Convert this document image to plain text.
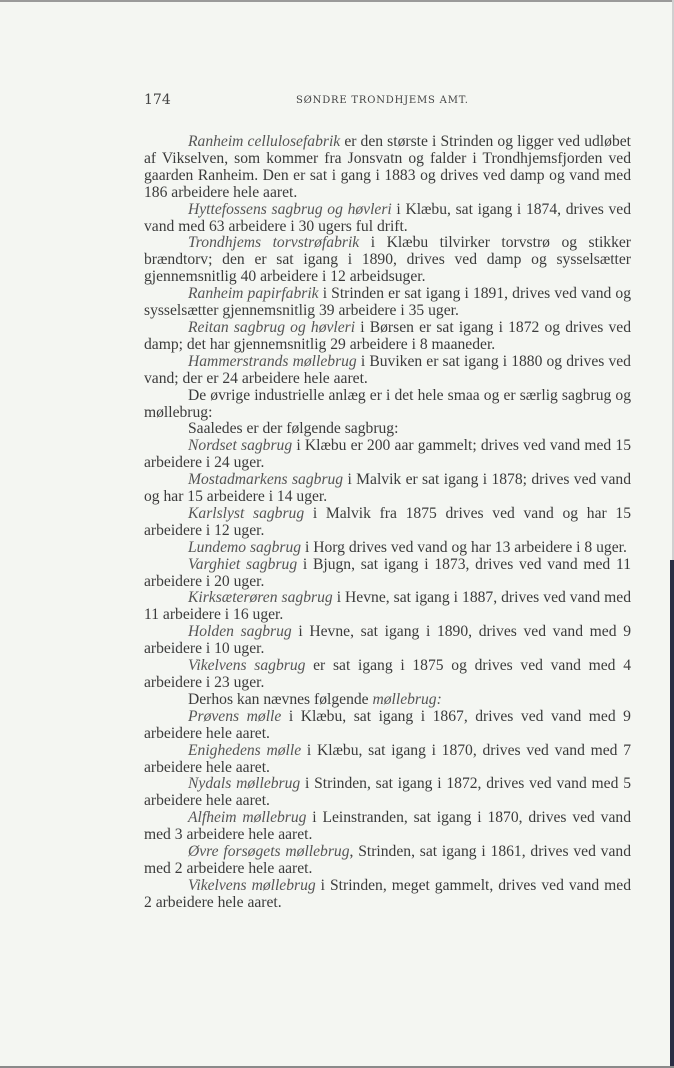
174	SØNDRE TRONDHJEMS AMT.

Ranheim cellulosefabrik er den største i Strinden og ligger ved udløbet af Vikselven, som kommer fra Jonsvatn og falder i Trondhjemsfjorden ved gaarden Ranheim. Den er sat i gang i 1883 og drives ved damp og vand med 186 arbeidere hele aaret.

Hyttefossens sagbrug og høvleri i Klæbu, sat igang i 1874, drives ved vand med 63 arbeidere i 30 ugers ful drift.

Trondhjems torvstrøfabrik i Klæbu tilvirker torvstrø og stikker brændtorv; den er sat igang i 1890, drives ved damp og sysselsætter gjennemsnitlig 40 arbeidere i 12 arbeidsuger.

Ranheim papirfabrik i Strinden er sat igang i 1891, drives ved vand og sysselsætter gjennemsnitlig 39 arbeidere i 35 uger.

Reitan sagbrug og høvleri i Børsen er sat igang i 1872 og drives ved damp; det har gjennemsnitlig 29 arbeidere i 8 maaneder.

Hammerstrands møllebrug i Buviken er sat igang i 1880 og drives ved vand; der er 24 arbeidere hele aaret.

De øvrige industrielle anlæg er i det hele smaa og er særlig sagbrug og møllebrug:

Saaledes er der følgende sagbrug:

Nordset sagbrug i Klæbu er 200 aar gammelt; drives ved vand med 15 arbeidere i 24 uger.

Mostadmarkens sagbrug i Malvik er sat igang i 1878; drives ved vand og har 15 arbeidere i 14 uger.

Karlslyst sagbrug i Malvik fra 1875 drives ved vand og har 15 arbeidere i 12 uger.

Lundemo sagbrug i Horg drives ved vand og har 13 arbeidere i 8 uger.

Varghiet sagbrug i Bjugn, sat igang i 1873, drives ved vand med 11 arbeidere i 20 uger.

Kirksæterøren sagbrug i Hevne, sat igang i 1887, drives ved vand med 11 arbeidere i 16 uger.

Holden sagbrug i Hevne, sat igang i 1890, drives ved vand med 9 arbeidere i 10 uger.

Vikelvens sagbrug er sat igang i 1875 og drives ved vand med 4 arbeidere i 23 uger.

Derhos kan nævnes følgende møllebrug:

Prøvens mølle i Klæbu, sat igang i 1867, drives ved vand med 9 arbeidere hele aaret.

Enighedens mølle i Klæbu, sat igang i 1870, drives ved vand med 7 arbeidere hele aaret.

Nydals møllebrug i Strinden, sat igang i 1872, drives ved vand med 5 arbeidere hele aaret.

Alfheim møllebrug i Leinstranden, sat igang i 1870, drives ved vand med 3 arbeidere hele aaret.

Øvre forsøgets møllebrug, Strinden, sat igang i 1861, drives ved vand med 2 arbeidere hele aaret.

Vikelvens møllebrug i Strinden, meget gammelt, drives ved vand med 2 arbeidere hele aaret.
